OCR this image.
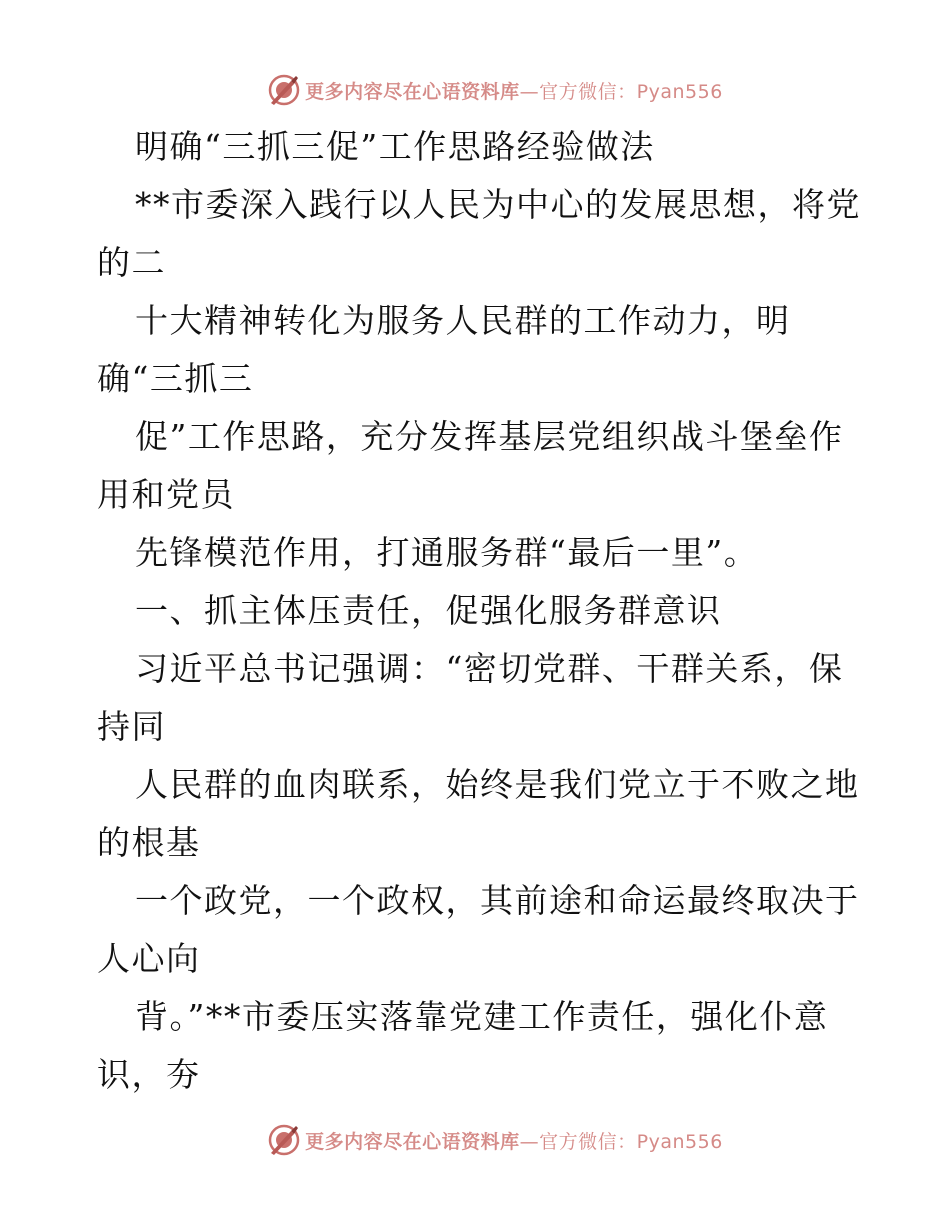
更多内容尽在心语资料库—官方微信：Pyan556
明确“三抓三促”工作思路经验做法
**市委深入践行以人民为中心的发展思想，将党
的二
十大精神转化为服务人民群的工作动力，明
确“三抓三
促”工作思路，充分发挥基层党组织战斗堡垒作
用和党员
先锋模范作用，打通服务群“最后一里”。
一、抓主体压责任，促强化服务群意识
习近平总书记强调：“密切党群、干群关系，保
持同
人民群的血肉联系，始终是我们党立于不败之地
的根基
一个政党，一个政权，其前途和命运最终取决于
人心向
背。”**市委压实落靠党建工作责任，强化仆意
识，夯
更多内容尽在心语资料库—官方微信：Pyan556
